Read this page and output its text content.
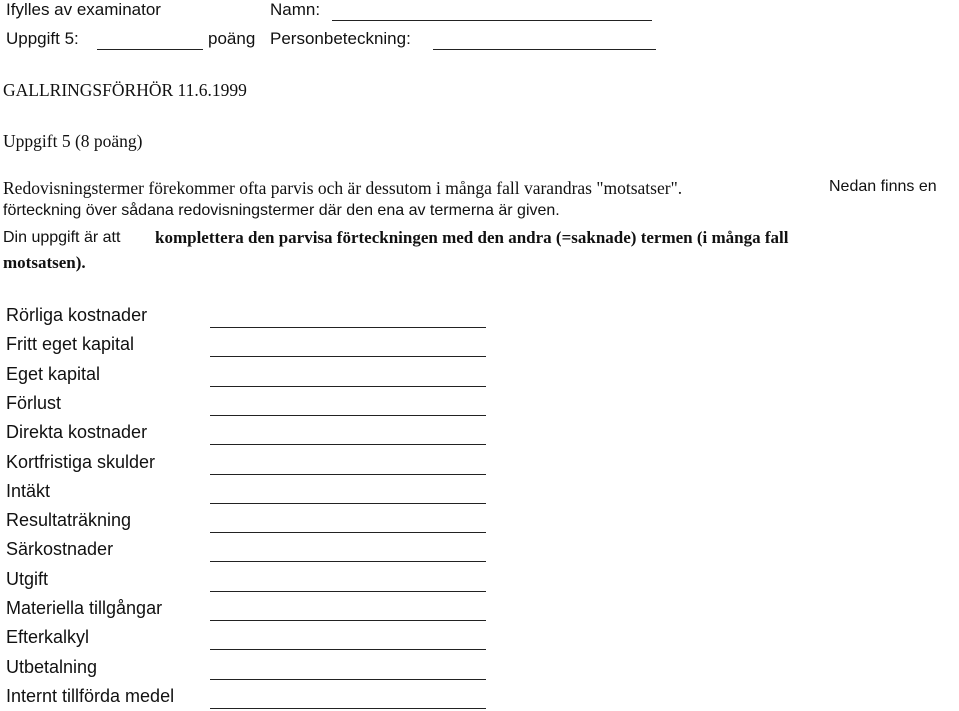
Ifylles av examinator	Namn:
Uppgift 5:	poäng Personbeteckning:
GALLRINGSFÖRHÖR 11.6.1999
Uppgift 5 (8 poäng)
Redovisningstermer förekommer ofta parvis och är dessutom i många fall varandras "motsatser".	Nedan finns en
förteckning över sådana redovisningstermer där den ena av termerna är given.
Din uppgift är att komplettera den parvisa förteckningen med den andra (=saknade) termen (i många fall
motsatsen).
Rörliga kostnader
Fritt eget kapital
Eget kapital
Förlust
Direkta kostnader
Kortfristiga skulder
Intäkt
Resultaträkning
Särkostnader
Utgift
Materiella tillgångar
Efterkalkyl
Utbetalning
Internt tillförda medel
